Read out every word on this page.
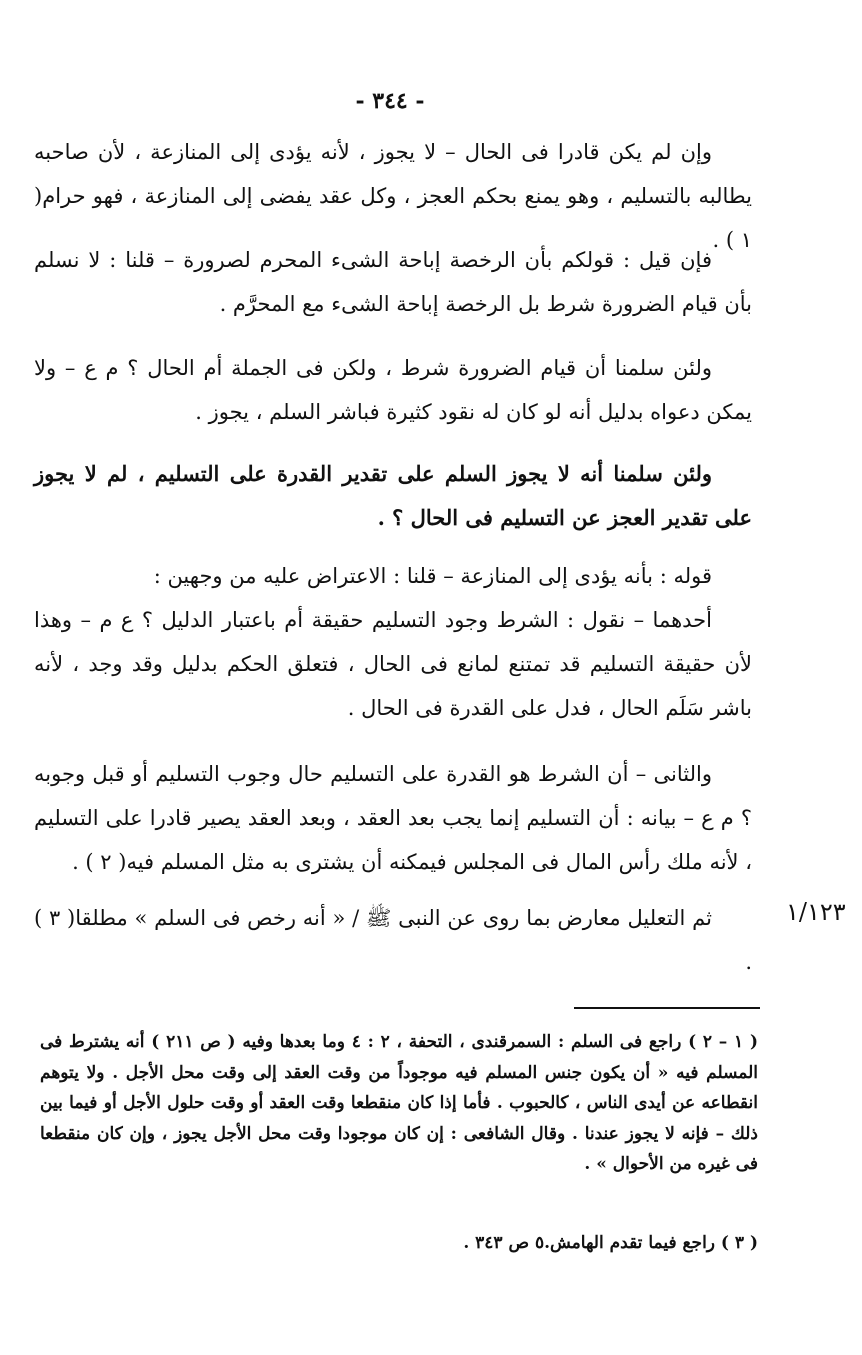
- ٣٤٤ -

وإن لم يكن قادرا فى الحال – لا يجوز ، لأنه يؤدى إلى المنازعة ، لأن صاحبه يطالبه بالتسليم ، وهو يمنع بحكم العجز ، وكل عقد يفضى إلى المنازعة ، فهو حرام( ١ ) .

فإن قيل : قولكم بأن الرخصة إباحة الشىء المحرم لصرورة – قلنا : لا نسلم بأن قيام الضرورة شرط بل الرخصة إباحة الشىء مع المحرَّم .

ولئن سلمنا أن قيام الضرورة شرط ، ولكن فى الجملة أم الحال ؟ م ع – ولا يمكن دعواه بدليل أنه لو كان له نقود كثيرة فباشر السلم ، يجوز .

ولئن سلمنا أنه لا يجوز السلم على تقدير القدرة على التسليم ، لم لا يجوز على تقدير العجز عن التسليم فى الحال ؟ .

قوله : بأنه يؤدى إلى المنازعة – قلنا : الاعتراض عليه من وجهين :

أحدهما – نقول : الشرط وجود التسليم حقيقة أم باعتبار الدليل ؟ ع م – وهذا لأن حقيقة التسليم قد تمتنع لمانع فى الحال ، فتعلق الحكم بدليل وقد وجد ، لأنه باشر سَلَم الحال ، فدل على القدرة فى الحال .

والثانى – أن الشرط هو القدرة على التسليم حال وجوب التسليم أو قبل وجوبه ؟ م ع – بيانه : أن التسليم إنما يجب بعد العقد ، وبعد العقد يصير قادرا على التسليم ، لأنه ملك رأس المال فى المجلس فيمكنه أن يشترى به مثل المسلم فيه( ٢ ) .

ثم التعليل معارض بما روى عن النبى ﷺ / « أنه رخص فى السلم » مطلقا( ٣ ) .

١/١٢٣

( ١ – ٢ ) راجع فى السلم : السمرقندى ، التحفة ، ٢ : ٤ وما بعدها وفيه ( ص ٢١١ ) أنه يشترط فى المسلم فيه « أن يكون جنس المسلم فيه موجوداً من وقت العقد إلى وقت محل الأجل . ولا يتوهم انقطاعه عن أيدى الناس ، كالحبوب . فأما إذا كان منقطعا وقت العقد أو وقت حلول الأجل أو فيما بين ذلك – فإنه لا يجوز عندنا . وقال الشافعى : إن كان موجودا وقت محل الأجل يجوز ، وإن كان منقطعا فى غيره من الأحوال » .

( ٣ ) راجع فيما تقدم الهامش.٥ ص ٣٤٣ .
